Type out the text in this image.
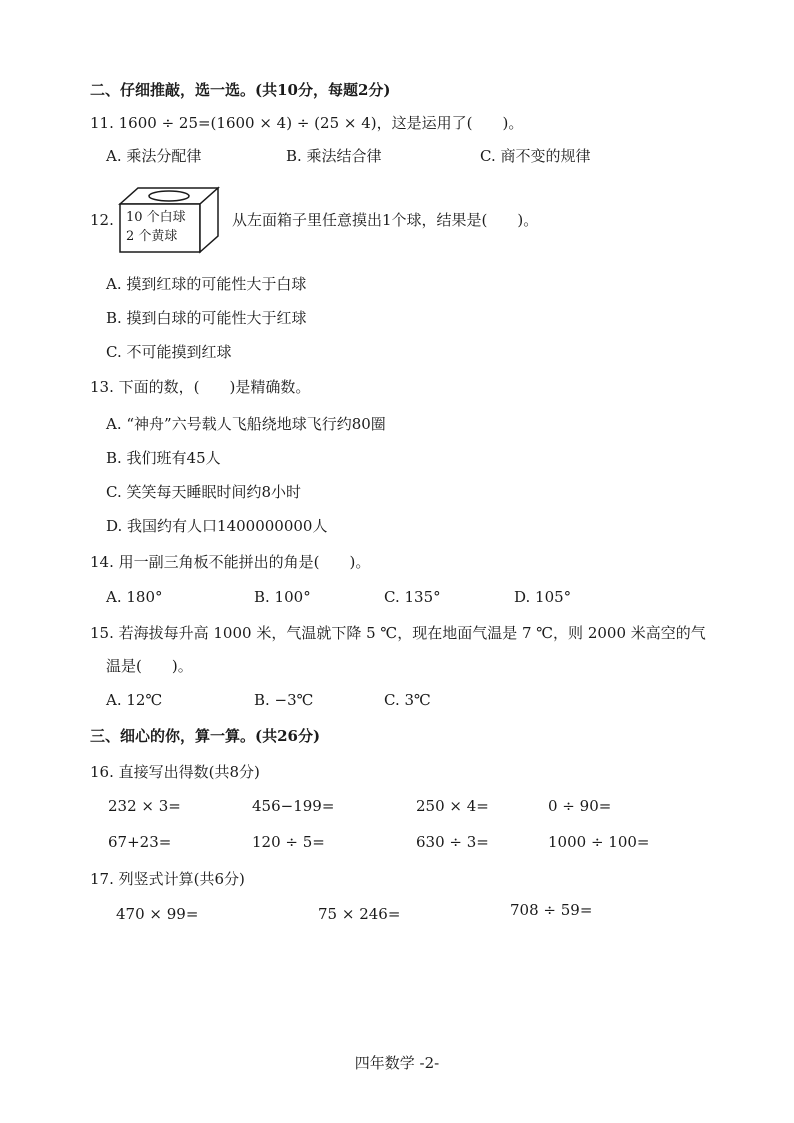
二、仔细推敲，选一选。(共10分，每题2分)
11. 1600 ÷ 25=(1600 × 4) ÷ (25 × 4)，这是运用了(　　)。
A. 乘法分配律	B. 乘法结合律	C. 商不变的规律
12. 10 个白球
2 个黄球
从左面箱子里任意摸出1个球，结果是(　　)。
A. 摸到红球的可能性大于白球
B. 摸到白球的可能性大于红球
C. 不可能摸到红球
13. 下面的数，(　　)是精确数。
A. “神舟”六号载人飞船绕地球飞行约80圈
B. 我们班有45人
C. 笑笑每天睡眠时间约8小时
D. 我国约有人口1400000000人
14. 用一副三角板不能拼出的角是(　　)。
A. 180°	B. 100°	C. 135°	D. 105°
15. 若海拔每升高 1000 米，气温就下降 5 ℃，现在地面气温是 7 ℃，则 2000 米高空的气
温是(　　)。
A. 12℃	B. −3℃	C. 3℃
三、细心的你，算一算。(共26分)
16. 直接写出得数(共8分)
232 × 3=	456−199=	250 × 4=	0 ÷ 90=
67+23=	120 ÷ 5=	630 ÷ 3=	1000 ÷ 100=
17. 列竖式计算(共6分)
470 × 99=	75 × 246=	708 ÷ 59=
四年数学 -2-
